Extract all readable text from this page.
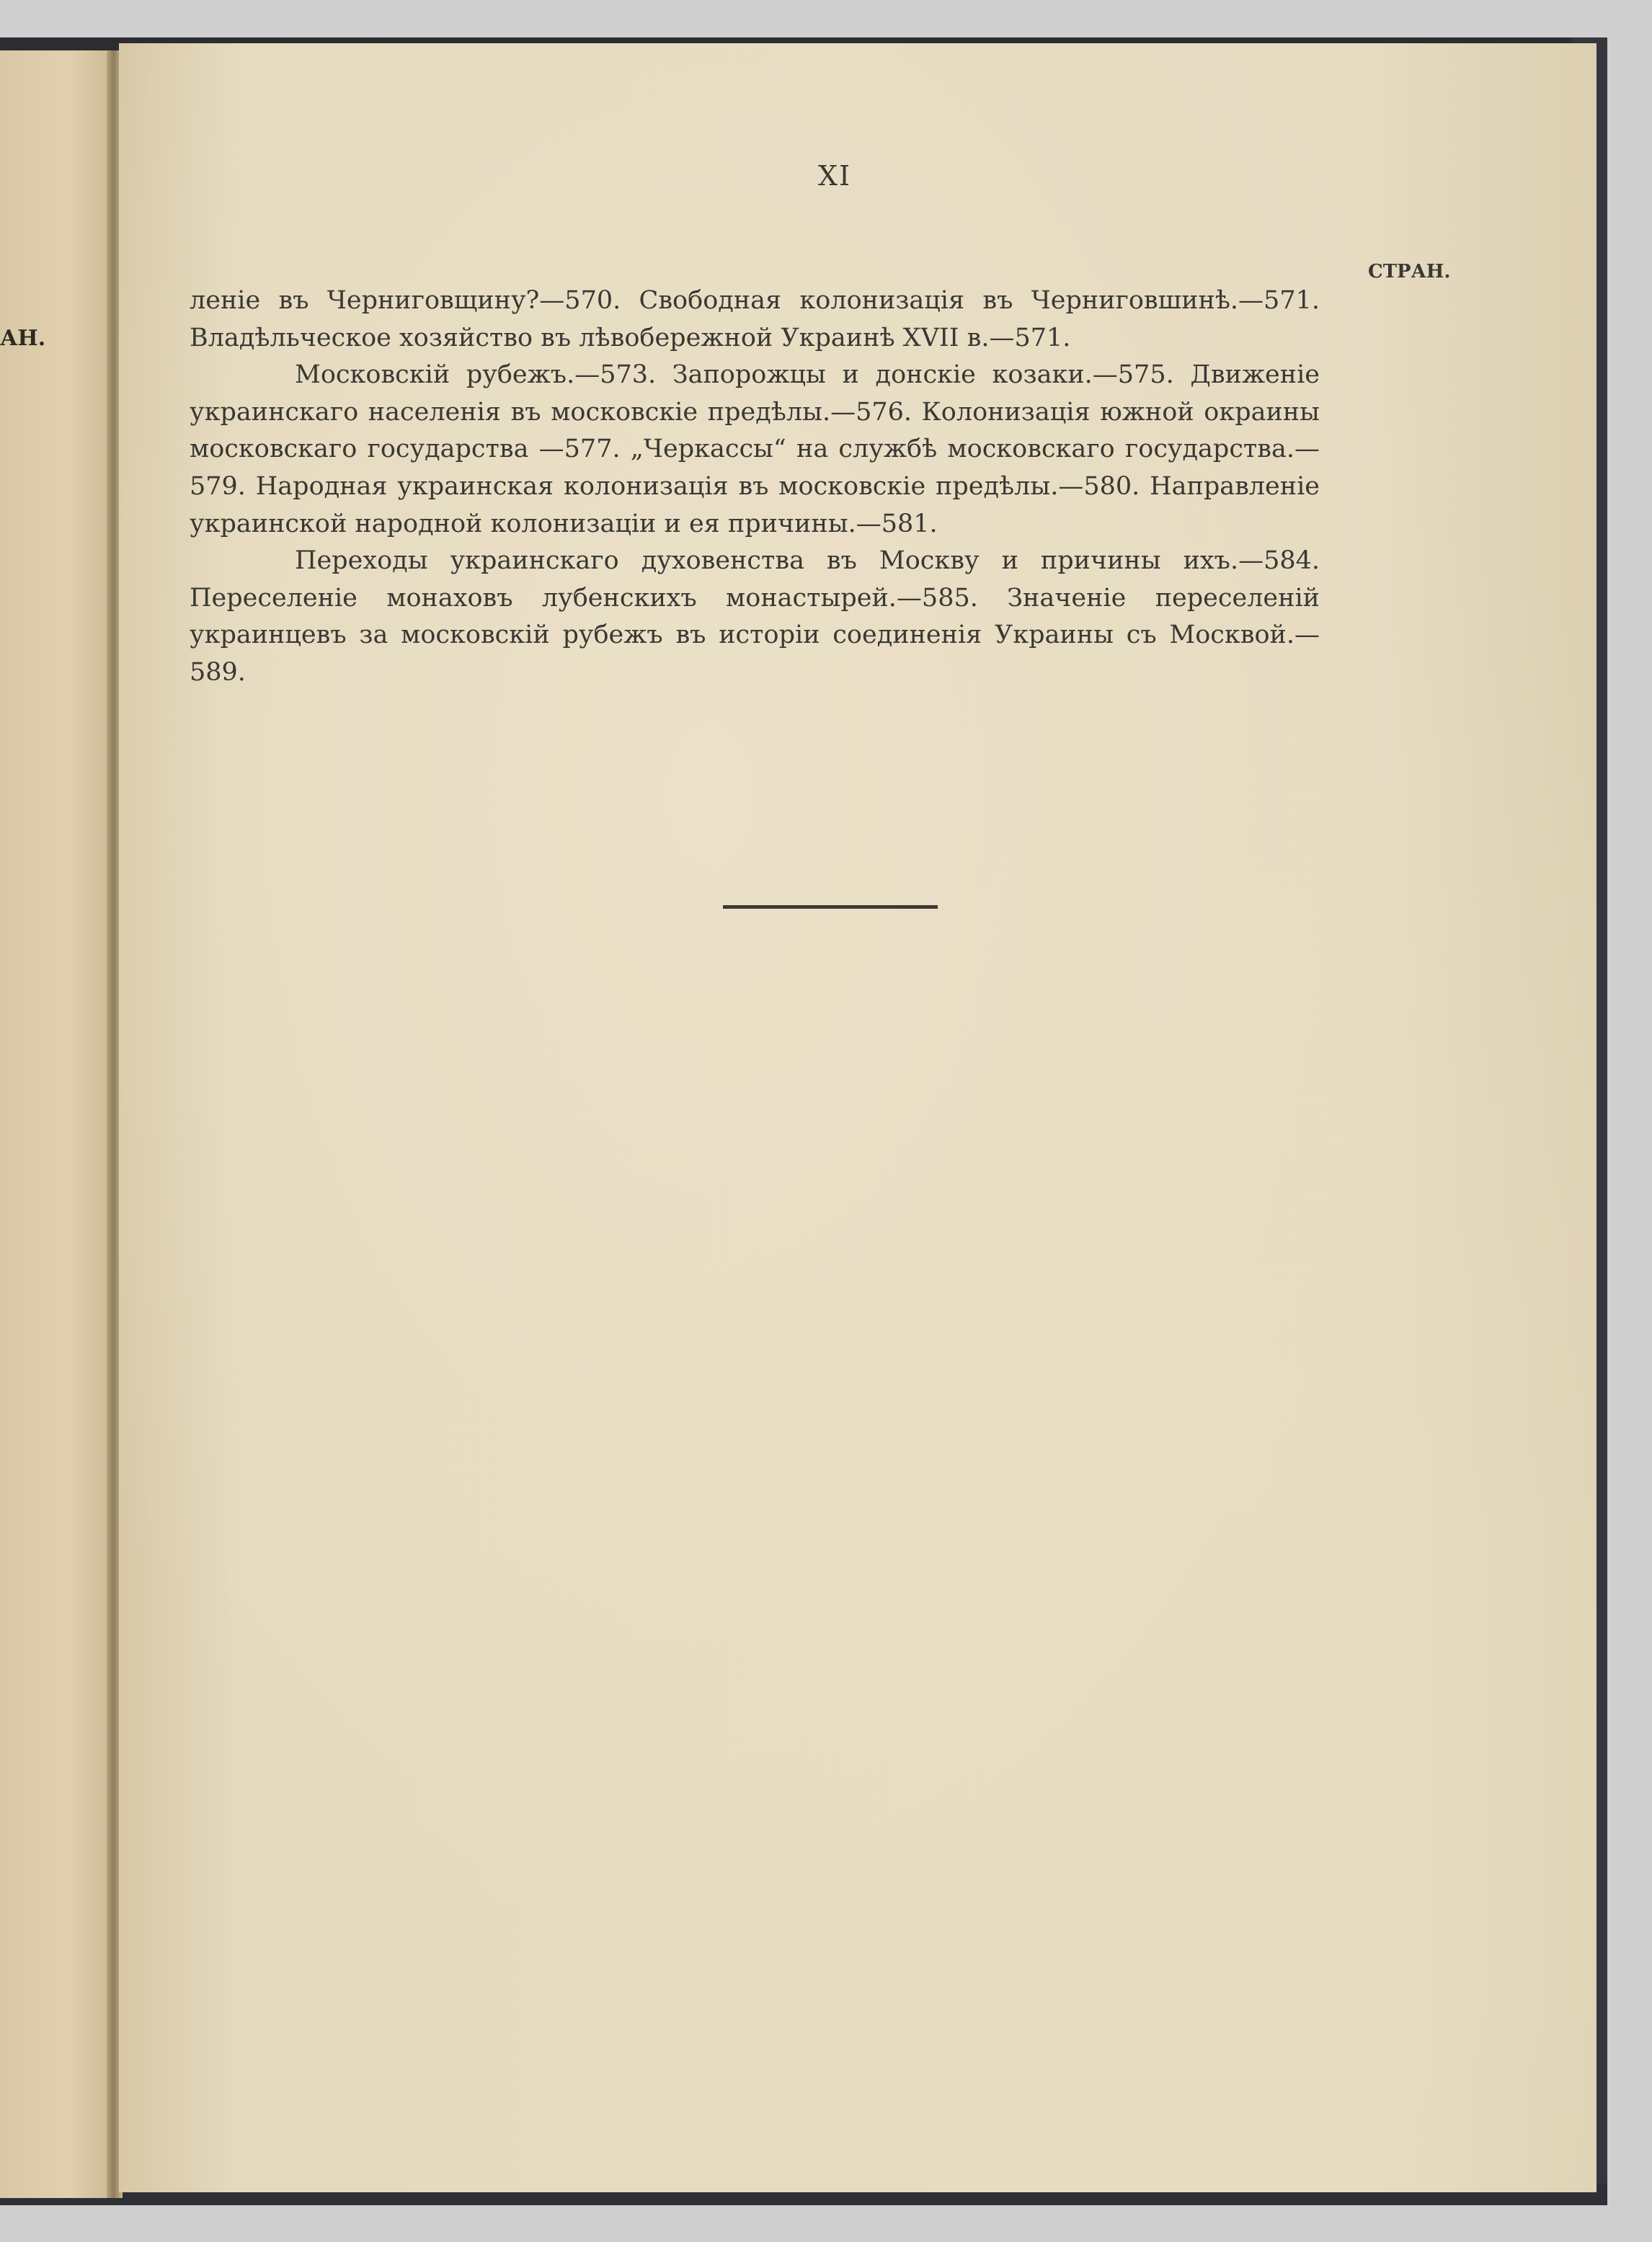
АН.
XI
СТРАН.

леніе въ Черниговщину?—570. Свободная колонизація въ Черниговшинѣ.—571. Владѣльческое хозяйство въ лѣвобережной Украинѣ XVII в.—571.

Московскій рубежъ.—573. Запорожцы и донскіе козаки.—575. Движеніе украинскаго населенія въ московскіе предѣлы.—576. Колонизація южной окраины московскаго государства —577. „Черкассы“ на службѣ московскаго государства.—579. Народная украинская колонизація въ московскіе предѣлы.—580. Направленіе украинской народной колонизаціи и ея причины.—581.

Переходы украинскаго духовенства въ Москву и причины ихъ.—584. Переселеніе монаховъ лубенскихъ монастырей.—585. Значеніе переселеній украинцевъ за московскій рубежъ въ исторіи соединенія Украины съ Москвой.—589.
